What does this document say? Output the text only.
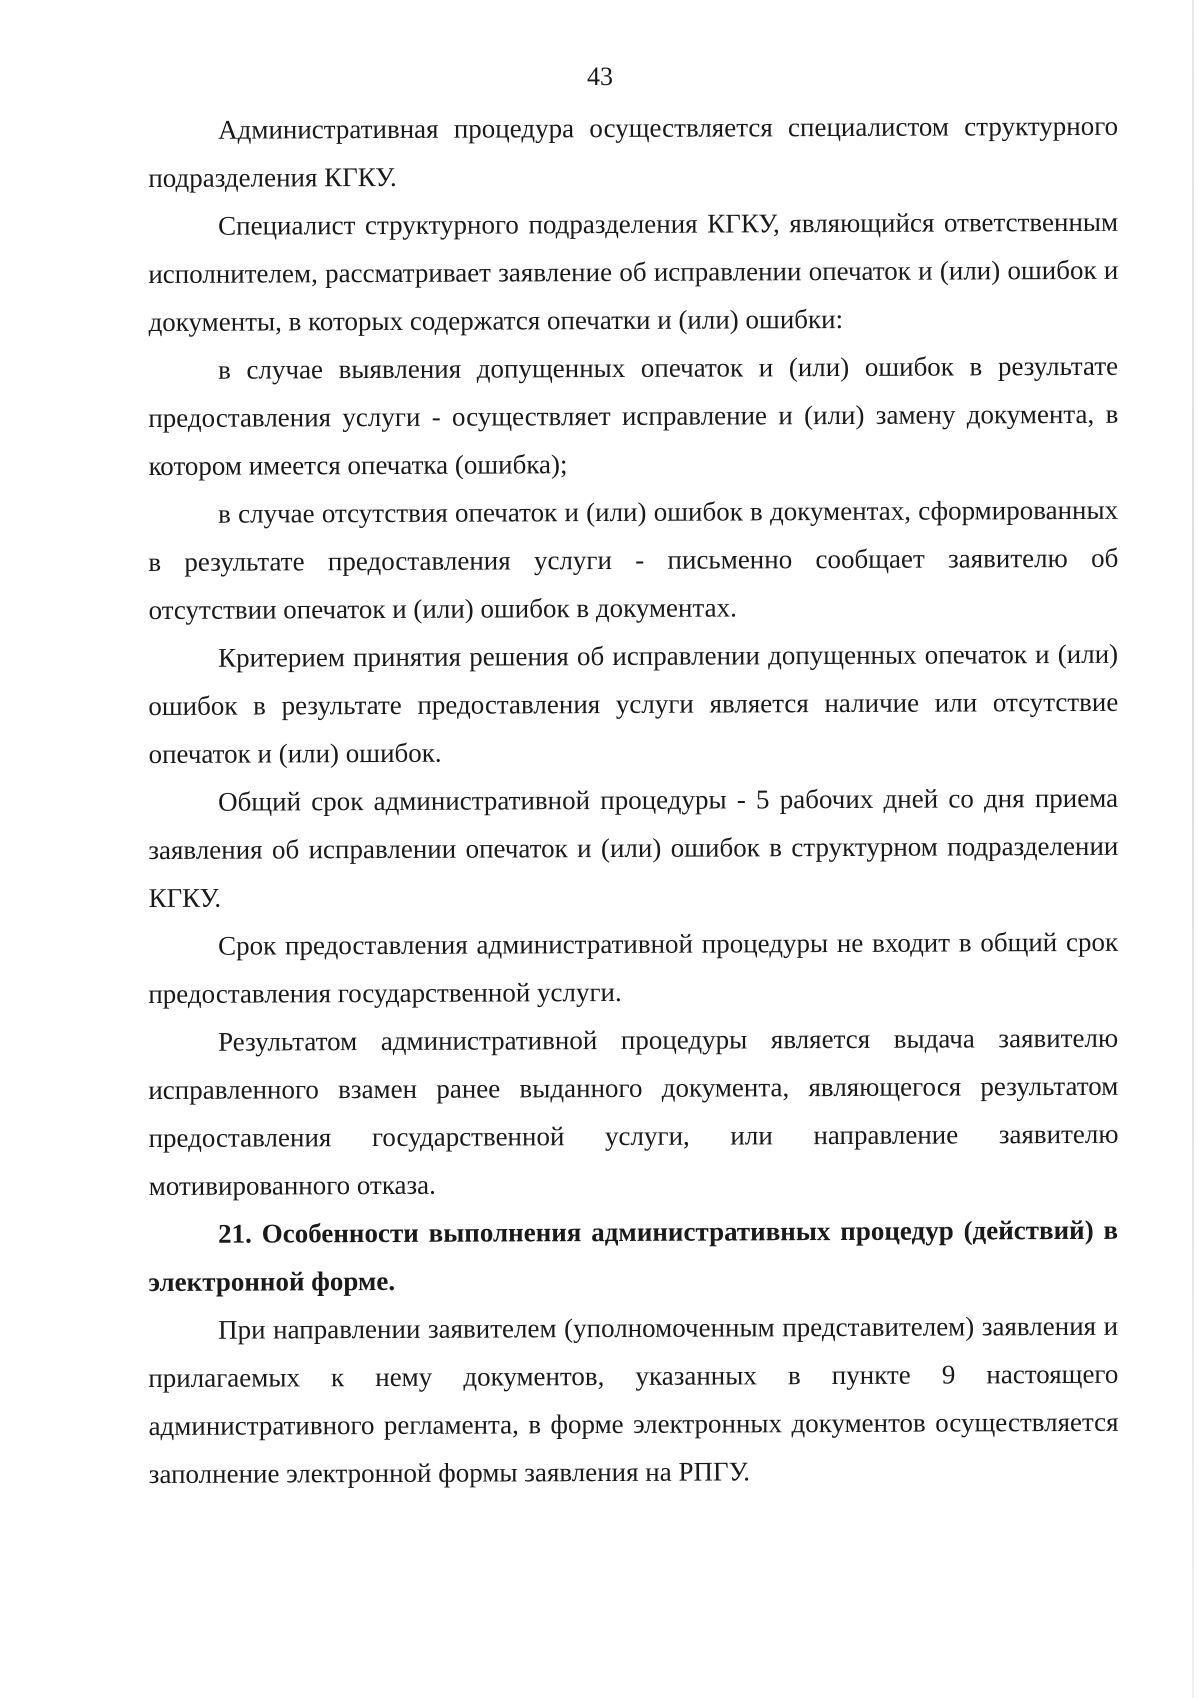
43

Административная процедура осуществляется специалистом структурного подразделения КГКУ.

Специалист структурного подразделения КГКУ, являющийся ответственным исполнителем, рассматривает заявление об исправлении опечаток и (или) ошибок и документы, в которых содержатся опечатки и (или) ошибки:

в случае выявления допущенных опечаток и (или) ошибок в результате предоставления услуги - осуществляет исправление и (или) замену документа, в котором имеется опечатка (ошибка);

в случае отсутствия опечаток и (или) ошибок в документах, сформированных в результате предоставления услуги - письменно сообщает заявителю об отсутствии опечаток и (или) ошибок в документах.

Критерием принятия решения об исправлении допущенных опечаток и (или) ошибок в результате предоставления услуги является наличие или отсутствие опечаток и (или) ошибок.

Общий срок административной процедуры - 5 рабочих дней со дня приема заявления об исправлении опечаток и (или) ошибок в структурном подразделении КГКУ.

Срок предоставления административной процедуры не входит в общий срок предоставления государственной услуги.

Результатом административной процедуры является выдача заявителю исправленного взамен ранее выданного документа, являющегося результатом предоставления государственной услуги, или направление заявителю мотивированного отказа.

21. Особенности выполнения административных процедур (действий) в электронной форме.

При направлении заявителем (уполномоченным представителем) заявления и прилагаемых к нему документов, указанных в пункте 9 настоящего административного регламента, в форме электронных документов осуществляется заполнение электронной формы заявления на РПГУ.
